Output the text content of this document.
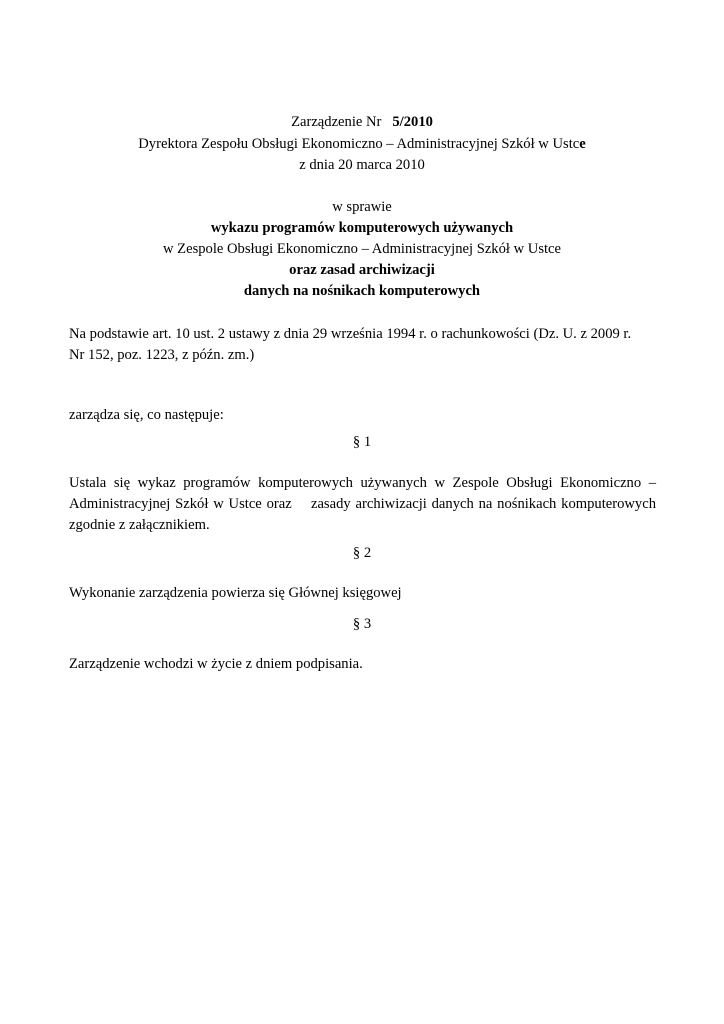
Zarządzenie Nr 5/2010
Dyrektora Zespołu Obsługi Ekonomiczno – Administracyjnej Szkół w Ustce
z dnia 20 marca 2010
w sprawie
wykazu programów komputerowych używanych
w Zespole Obsługi Ekonomiczno – Administracyjnej Szkół w Ustce
oraz zasad archiwizacji
danych na nośnikach komputerowych
Na podstawie art. 10 ust. 2 ustawy z dnia 29 września 1994 r. o rachunkowości (Dz. U. z 2009 r.
Nr 152, poz. 1223, z późn. zm.)
zarządza się, co następuje:
§ 1
Ustala się wykaz programów komputerowych używanych w Zespole Obsługi Ekonomiczno –
Administracyjnej Szkół w Ustce oraz    zasady archiwizacji danych na nośnikach komputerowych
zgodnie z załącznikiem.
§ 2
Wykonanie zarządzenia powierza się Głównej księgowej
§ 3
Zarządzenie wchodzi w życie z dniem podpisania.
